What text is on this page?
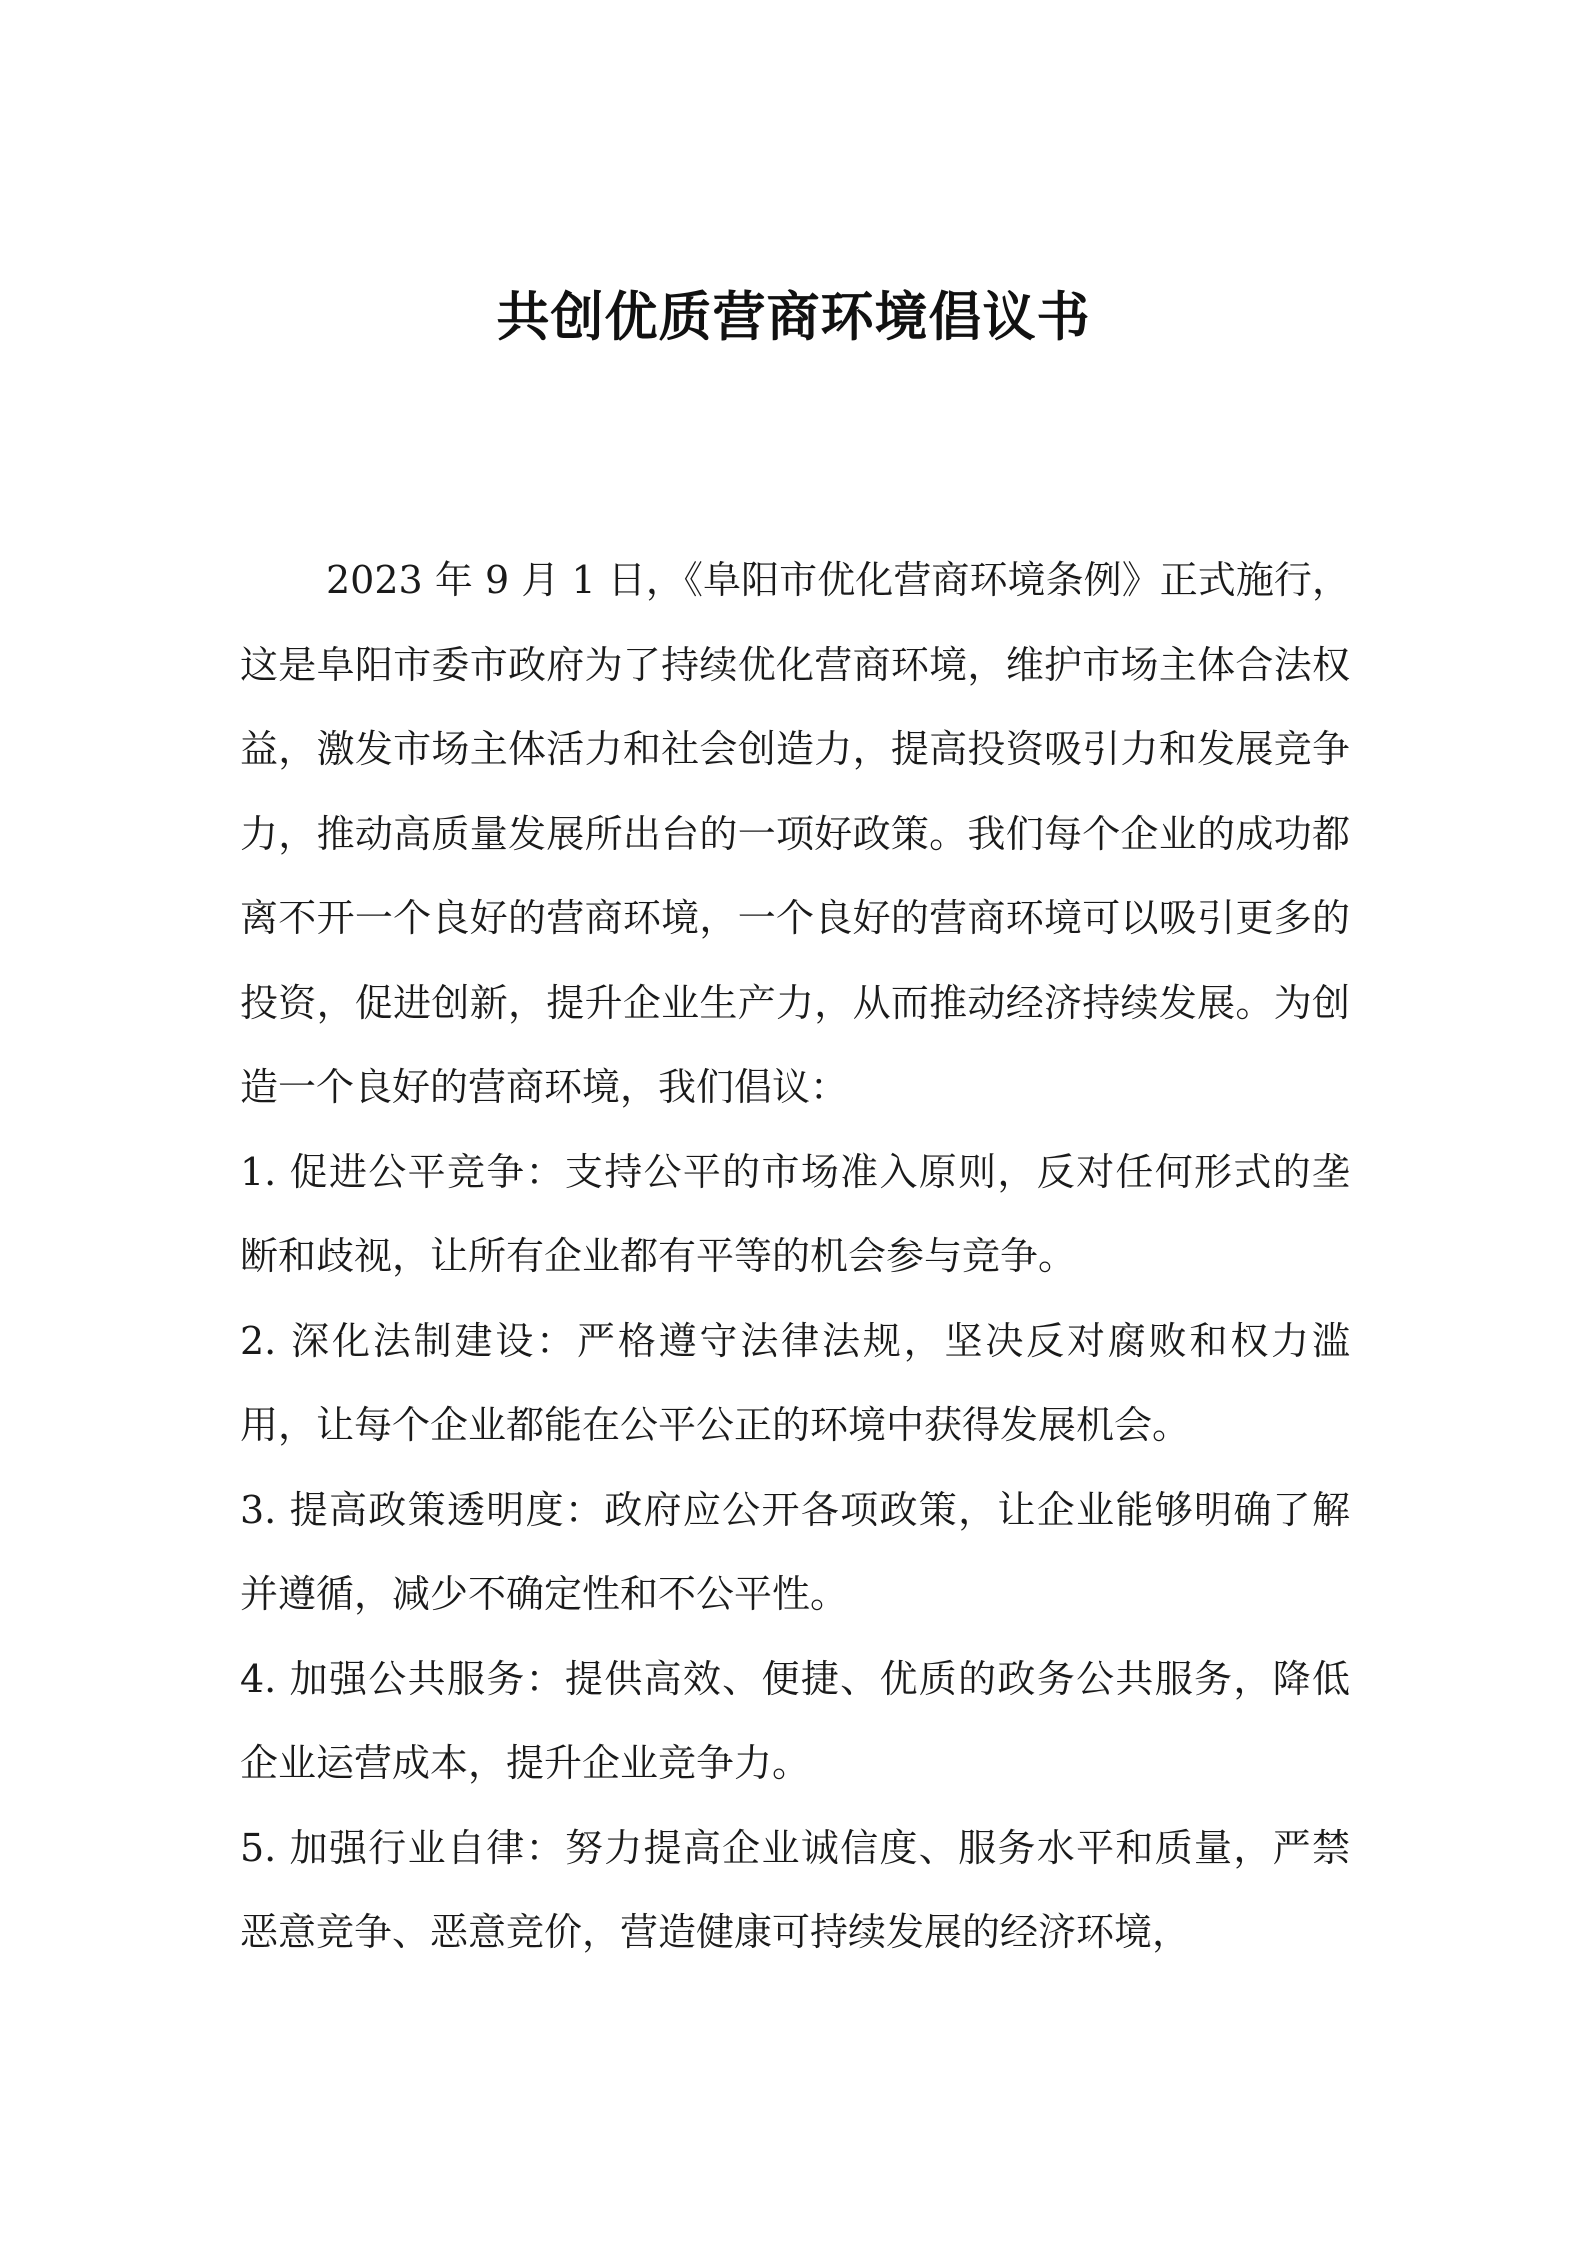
共创优质营商环境倡议书

2023 年 9 月 1 日，《阜阳市优化营商环境条例》正式施行，这是阜阳市委市政府为了持续优化营商环境，维护市场主体合法权益，激发市场主体活力和社会创造力，提高投资吸引力和发展竞争力，推动高质量发展所出台的一项好政策。我们每个企业的成功都离不开一个良好的营商环境，一个良好的营商环境可以吸引更多的投资，促进创新，提升企业生产力，从而推动经济持续发展。为创造一个良好的营商环境，我们倡议：

1. 促进公平竞争：支持公平的市场准入原则，反对任何形式的垄断和歧视，让所有企业都有平等的机会参与竞争。

2. 深化法制建设：严格遵守法律法规，坚决反对腐败和权力滥用，让每个企业都能在公平公正的环境中获得发展机会。

3. 提高政策透明度：政府应公开各项政策，让企业能够明确了解并遵循，减少不确定性和不公平性。

4. 加强公共服务：提供高效、便捷、优质的政务公共服务，降低企业运营成本，提升企业竞争力。

5. 加强行业自律：努力提高企业诚信度、服务水平和质量，严禁恶意竞争、恶意竞价，营造健康可持续发展的经济环境，
